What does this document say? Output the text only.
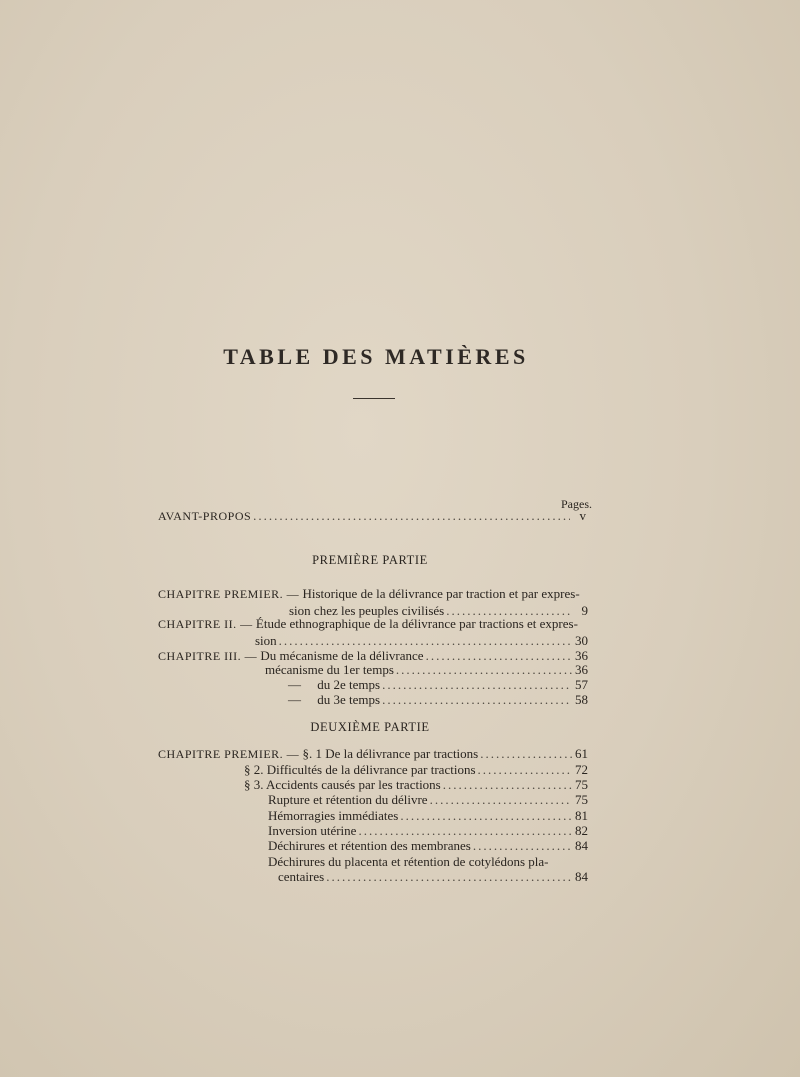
TABLE DES MATIÈRES
Pages.
AVANT-PROPOS .....	v
PREMIÈRE PARTIE
CHAPITRE PREMIER. — Historique de la délivrance par traction et par expres-
sion chez les peuples civilisés .....	9
CHAPITRE II. — Étude ethnographique de la délivrance par tractions et expres-
sion .....	30
CHAPITRE III. — Du mécanisme de la délivrance .....	36
mécanisme du 1er temps .....	36
— du 2e temps .....	57
— du 3e temps .....	58
DEUXIÈME PARTIE
CHAPITRE PREMIER. — §. 1 De la délivrance par tractions .....	61
§ 2. Difficultés de la délivrance par tractions .....	72
§ 3. Accidents causés par les tractions .....	75
Rupture et rétention du délivre .....	75
Hémorragies immédiates .....	81
Inversion utérine .....	82
Déchirures et rétention des membranes .....	84
Déchirures du placenta et rétention de cotylédons pla-
centaires .....	84
